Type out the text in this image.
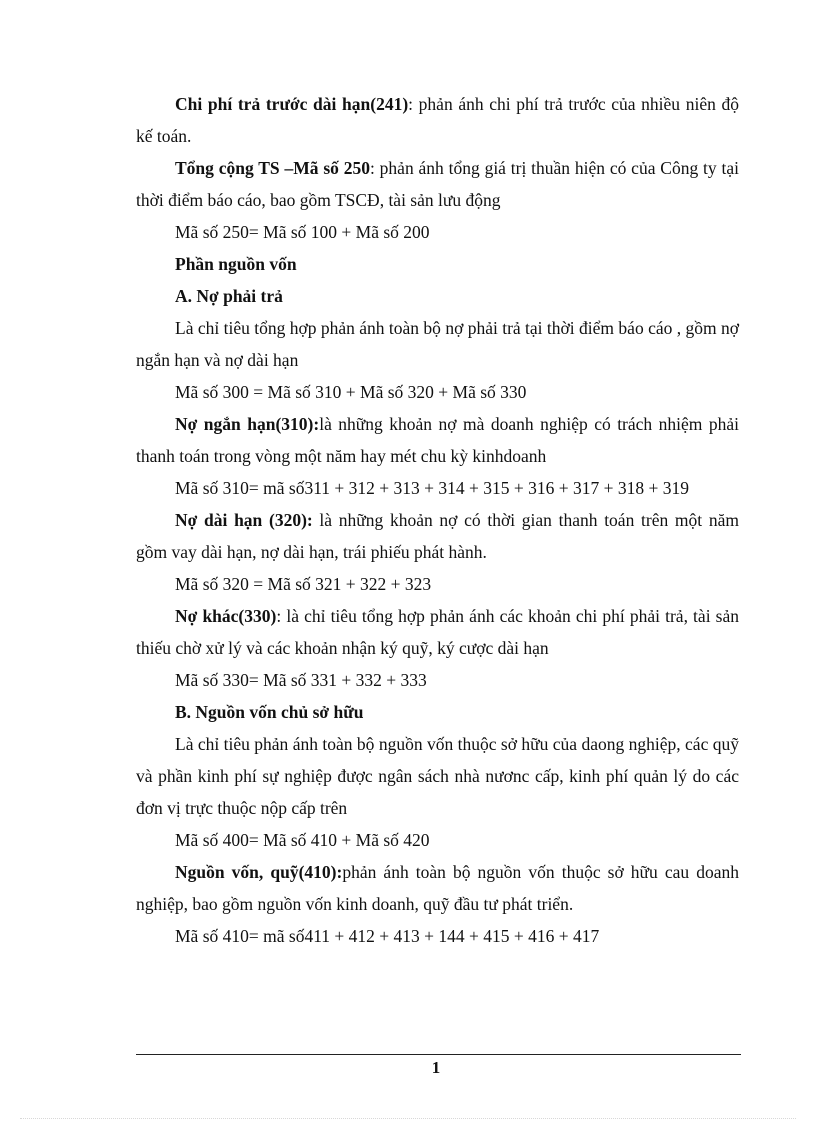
Chi phí trả trước dài hạn(241): phản ánh chi phí trả trước của nhiều niên độ kế toán.

Tổng cộng TS –Mã số 250: phản ánh tổng giá trị thuần hiện có của Công ty tại thời điểm báo cáo, bao gồm TSCĐ, tài sản lưu động

Mã số 250= Mã số 100 + Mã số 200

Phần nguồn vốn

A. Nợ phải trả

Là chỉ tiêu tổng hợp phản ánh toàn bộ nợ phải trả tại thời điểm báo cáo , gồm nợ ngắn hạn và nợ dài hạn

Mã số 300 = Mã số 310 + Mã số 320 + Mã số 330

Nợ ngắn hạn(310):là những khoản nợ mà doanh nghiệp có trách nhiệm phải thanh toán trong vòng một năm hay mét chu kỳ kinhdoanh

Mã số 310= mã số311 + 312 + 313 + 314 + 315 + 316 + 317 + 318 + 319

Nợ dài hạn (320): là những khoản nợ có thời gian thanh toán trên một năm gồm vay dài hạn, nợ dài hạn, trái phiếu phát hành.

Mã số 320 = Mã số 321 + 322 + 323

Nợ khác(330): là chỉ tiêu tổng hợp phản ánh các khoản chi phí phải trả, tài sản thiếu chờ xử lý và các khoản nhận ký quỹ, ký cược dài hạn

Mã số 330= Mã số 331 + 332 + 333

B. Nguồn vốn chủ sở hữu

Là chỉ tiêu phản ánh toàn bộ nguồn vốn thuộc sở hữu của daong nghiệp, các quỹ và phần kinh phí sự nghiệp được ngân sách nhà nươnc cấp, kinh phí quản lý do các đơn vị trực thuộc nộp cấp trên

Mã số 400= Mã số 410 + Mã số 420

Nguồn vốn, quỹ(410):phản ánh toàn bộ nguồn vốn thuộc sở hữu cau doanh nghiệp, bao gồm nguồn vốn kinh doanh, quỹ đầu tư phát triển.

Mã số 410= mã số411 + 412 + 413 + 144 + 415 + 416 + 417

1
